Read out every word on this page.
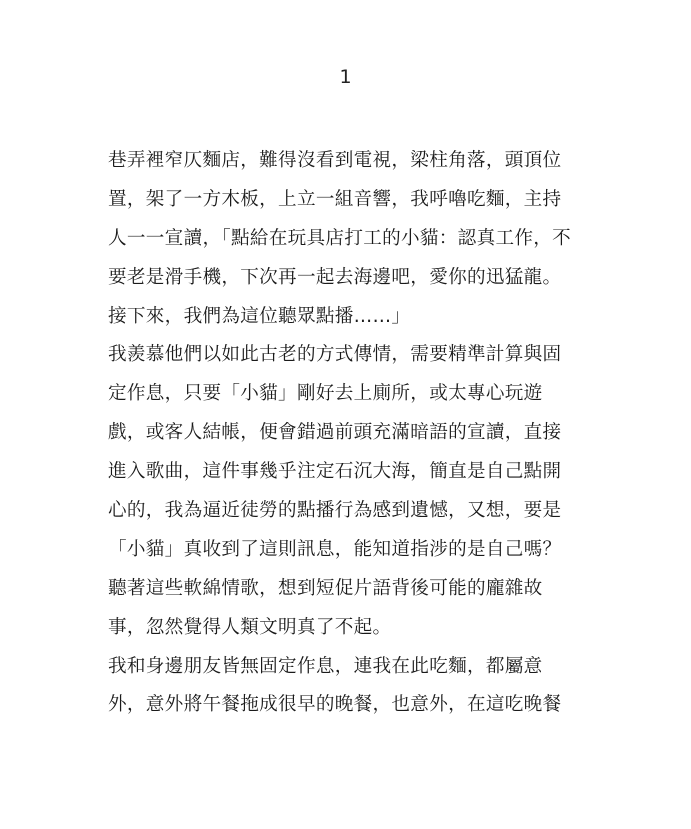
1
巷弄裡窄仄麵店，難得沒看到電視，梁柱角落，頭頂位
置，架了一方木板，上立一組音響，我呼嚕吃麵，主持
人一一宣讀，「點給在玩具店打工的小貓：認真工作，不
要老是滑手機，下次再一起去海邊吧，愛你的迅猛龍。
接下來，我們為這位聽眾點播……」
我羨慕他們以如此古老的方式傳情，需要精準計算與固
定作息，只要「小貓」剛好去上廁所，或太專心玩遊
戲，或客人結帳，便會錯過前頭充滿暗語的宣讀，直接
進入歌曲，這件事幾乎注定石沉大海，簡直是自己點開
心的，我為逼近徒勞的點播行為感到遺憾，又想，要是
「小貓」真收到了這則訊息，能知道指涉的是自己嗎？
聽著這些軟綿情歌，想到短促片語背後可能的龐雜故
事，忽然覺得人類文明真了不起。
我和身邊朋友皆無固定作息，連我在此吃麵，都屬意
外，意外將午餐拖成很早的晚餐，也意外，在這吃晚餐
